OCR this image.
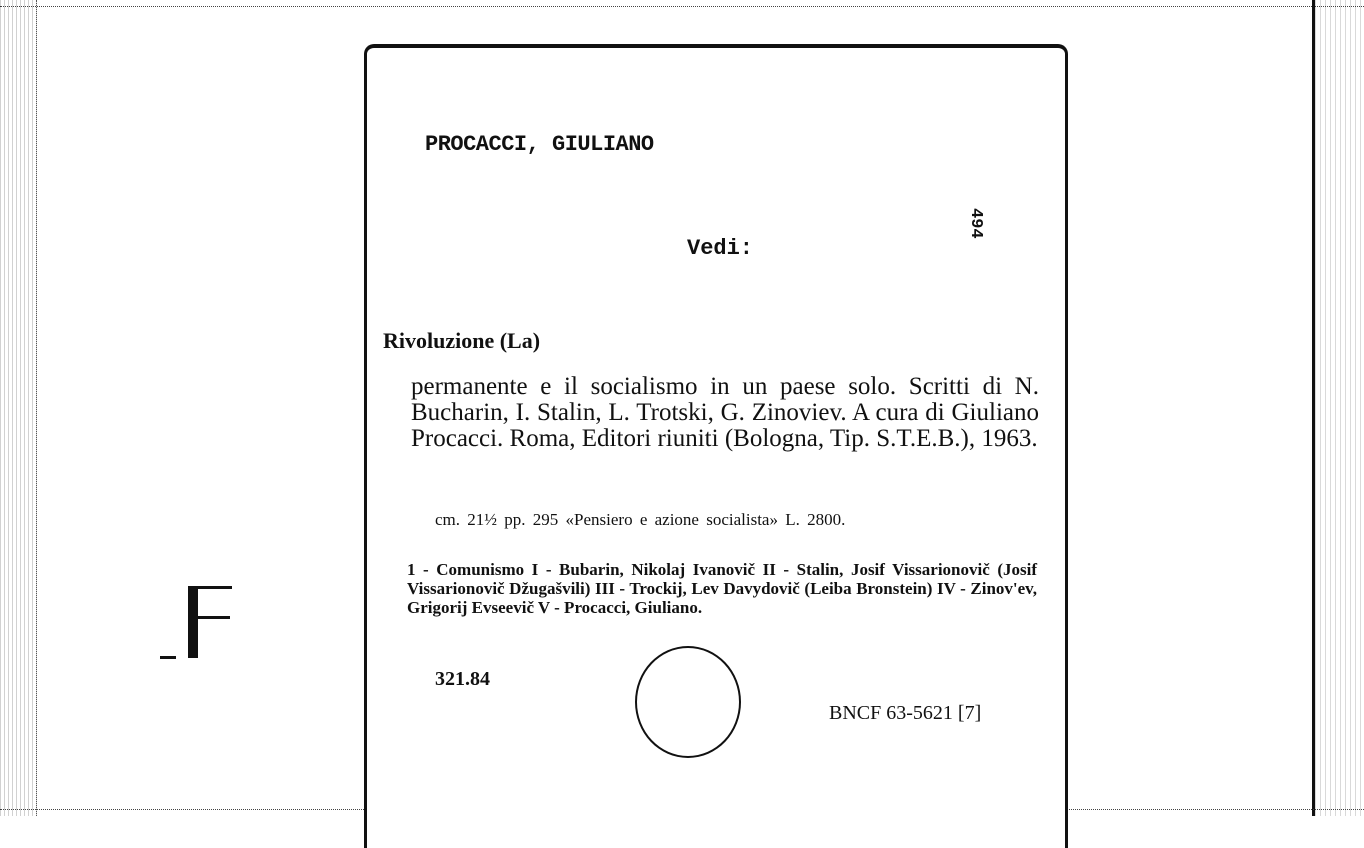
PROCACCI, GIULIANO
494
Vedi:
Rivoluzione (La)

permanente e il socialismo in un paese solo. Scritti di N. Bucharin, I. Stalin, L. Trotski, G. Zinoviev. A cura di Giuliano Procacci. Roma, Editori riuniti (Bologna, Tip. S.T.E.B.), 1963.

cm. 21½ pp. 295 «Pensiero e azione socialista» L. 2800.

1 - Comunismo I - Bubarin, Nikolaj Ivanovič II - Stalin, Josif Vissarionovič (Josif Vissarionovič Džugašvili) III - Trockij, Lev Davydovič (Leiba Bronstein) IV - Zinov'ev, Grigorij Evseevič V - Procacci, Giuliano.

321.84
BNCF 63-5621 [7]
